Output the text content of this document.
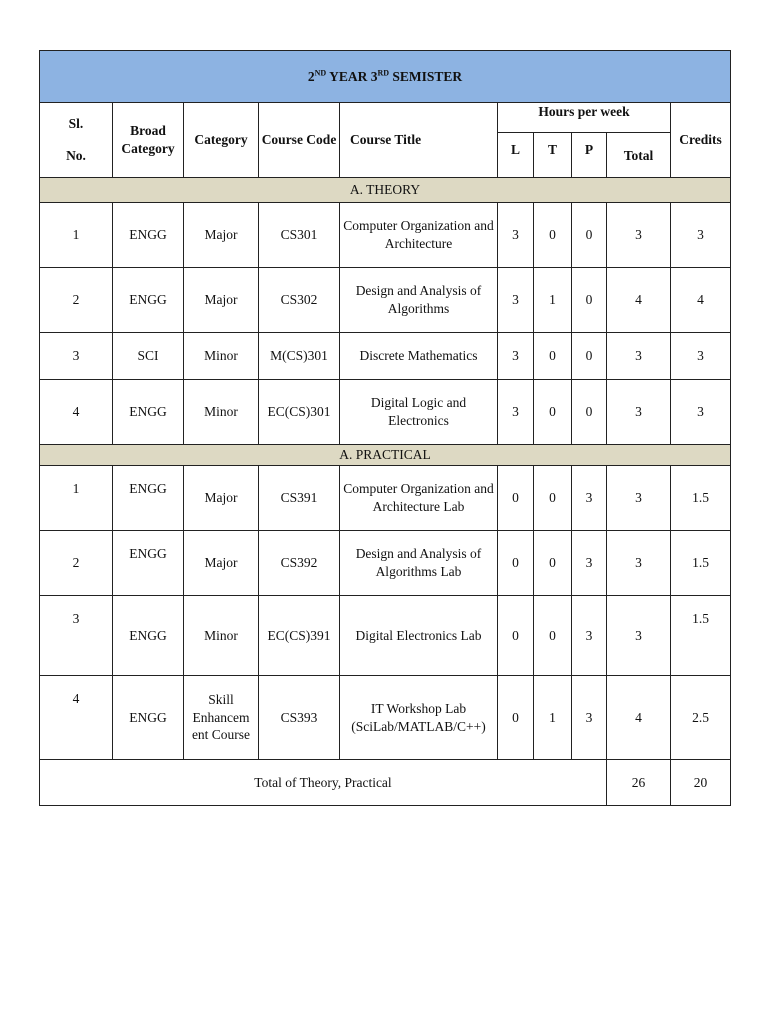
2ND YEAR 3RD SEMISTER									

Sl.
No.	Broad Category	Category	Course Code	Course Title	Hours per week				Credits
					L	T	P	Total	
A. THEORY									
1	ENGG	Major	CS301	Computer Organization and Architecture	3	0	0	3	3
2	ENGG	Major	CS302	Design and Analysis of Algorithms	3	1	0	4	4
3	SCI	Minor	M(CS)301	Discrete Mathematics	3	0	0	3	3
4	ENGG	Minor	EC(CS)301	Digital Logic and Electronics	3	0	0	3	3
A. PRACTICAL									
1	ENGG	Major	CS391	Computer Organization and Architecture Lab	0	0	3	3	1.5
2	ENGG	Major	CS392	Design and Analysis of Algorithms Lab	0	0	3	3	1.5
3	ENGG	Minor	EC(CS)391	Digital Electronics Lab	0	0	3	3	1.5
4	ENGG	Skill Enhancem ent Course	CS393	IT Workshop Lab (SciLab/MATLAB/C++)	0	1	3	4	2.5
Total of Theory, Practical								26	20
